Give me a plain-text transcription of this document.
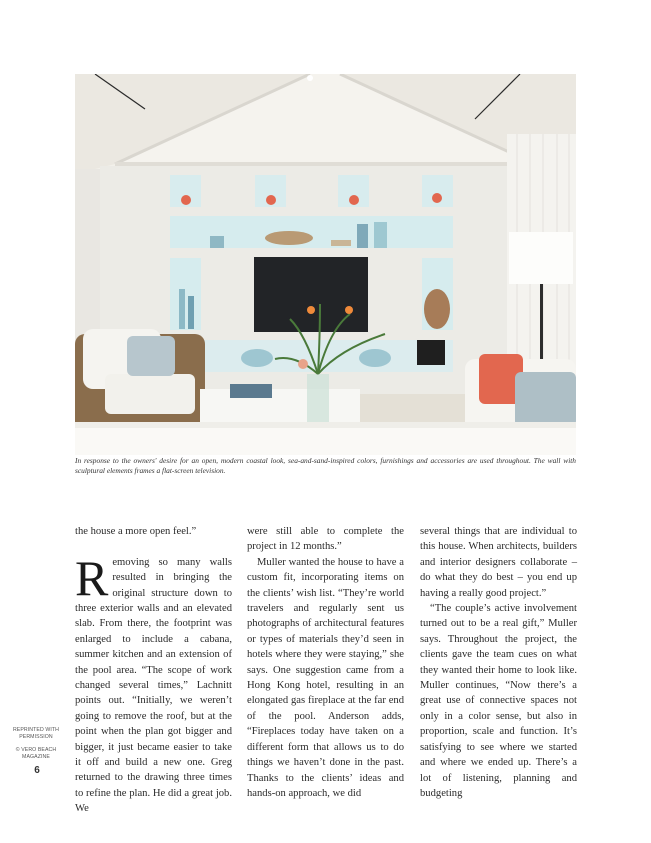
In response to the owners' desire for an open, modern coastal look, sea-and-sand-inspired colors, furnishings and accessories are used throughout. The wall with sculptural elements frames a flat-screen television.

the house a more open feel.”

Removing so many walls resulted in bringing the original structure down to three exterior walls and an elevated slab. From there, the footprint was enlarged to include a cabana, summer kitchen and an extension of the pool area. “The scope of work changed several times,” Lachnitt points out. “Initially, we weren’t going to remove the roof, but at the point when the plan got bigger and bigger, it just became easier to take it off and build a new one. Greg returned to the drawing three times to refine the plan. He did a great job. We

were still able to complete the project in 12 months.”

Muller wanted the house to have a custom fit, incorporating items on the clients’ wish list. “They’re world travelers and regularly sent us photographs of architectural features or types of materials they’d seen in hotels where they were staying,” she says. One suggestion came from a Hong Kong hotel, resulting in an elongated gas fireplace at the far end of the pool. Anderson adds, “Fireplaces today have taken on a different form that allows us to do things we haven’t done in the past. Thanks to the clients’ ideas and hands-on approach, we did

several things that are individual to this house. When architects, builders and interior designers collaborate – do what they do best – you end up having a really good project.”

“The couple’s active involvement turned out to be a real gift,” Muller says. Throughout the project, the clients gave the team cues on what they wanted their home to look like. Muller continues, “Now there’s a great use of connective spaces not only in a color sense, but also in proportion, scale and function. It’s satisfying to see where we started and where we ended up. There’s a lot of listening, planning and budgeting

REPRINTED WITH
PERMISSION
© VERO BEACH
MAGAZINE
6
